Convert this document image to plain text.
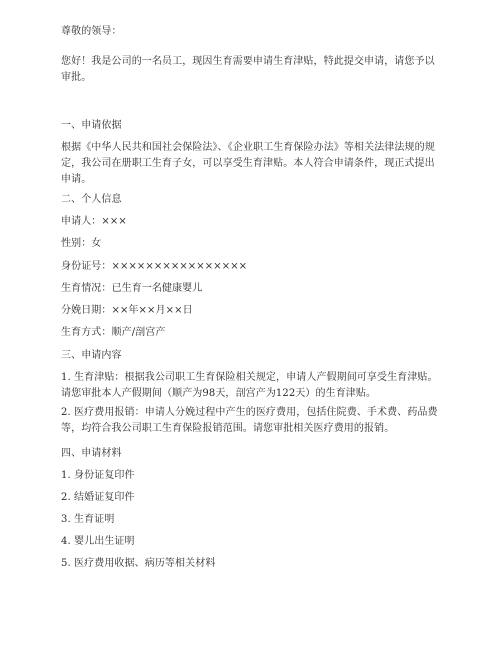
尊敬的领导：
您好！我是公司的一名员工，现因生育需要申请生育津贴，特此提交申请，请您予以审批。
一、申请依据
根据《中华人民共和国社会保险法》、《企业职工生育保险办法》等相关法律法规的规定，我公司在册职工生育子女，可以享受生育津贴。本人符合申请条件，现正式提出申请。
二、个人信息
申请人：×××
性别：女
身份证号：××××××××××××××××
生育情况：已生育一名健康婴儿
分娩日期：××年××月××日
生育方式：顺产/剖宫产
三、申请内容
1. 生育津贴：根据我公司职工生育保险相关规定，申请人产假期间可享受生育津贴。请您审批本人产假期间（顺产为98天，剖宫产为122天）的生育津贴。
2. 医疗费用报销：申请人分娩过程中产生的医疗费用，包括住院费、手术费、药品费等，均符合我公司职工生育保险报销范围。请您审批相关医疗费用的报销。
四、申请材料
1. 身份证复印件
2. 结婚证复印件
3. 生育证明
4. 婴儿出生证明
5. 医疗费用收据、病历等相关材料
